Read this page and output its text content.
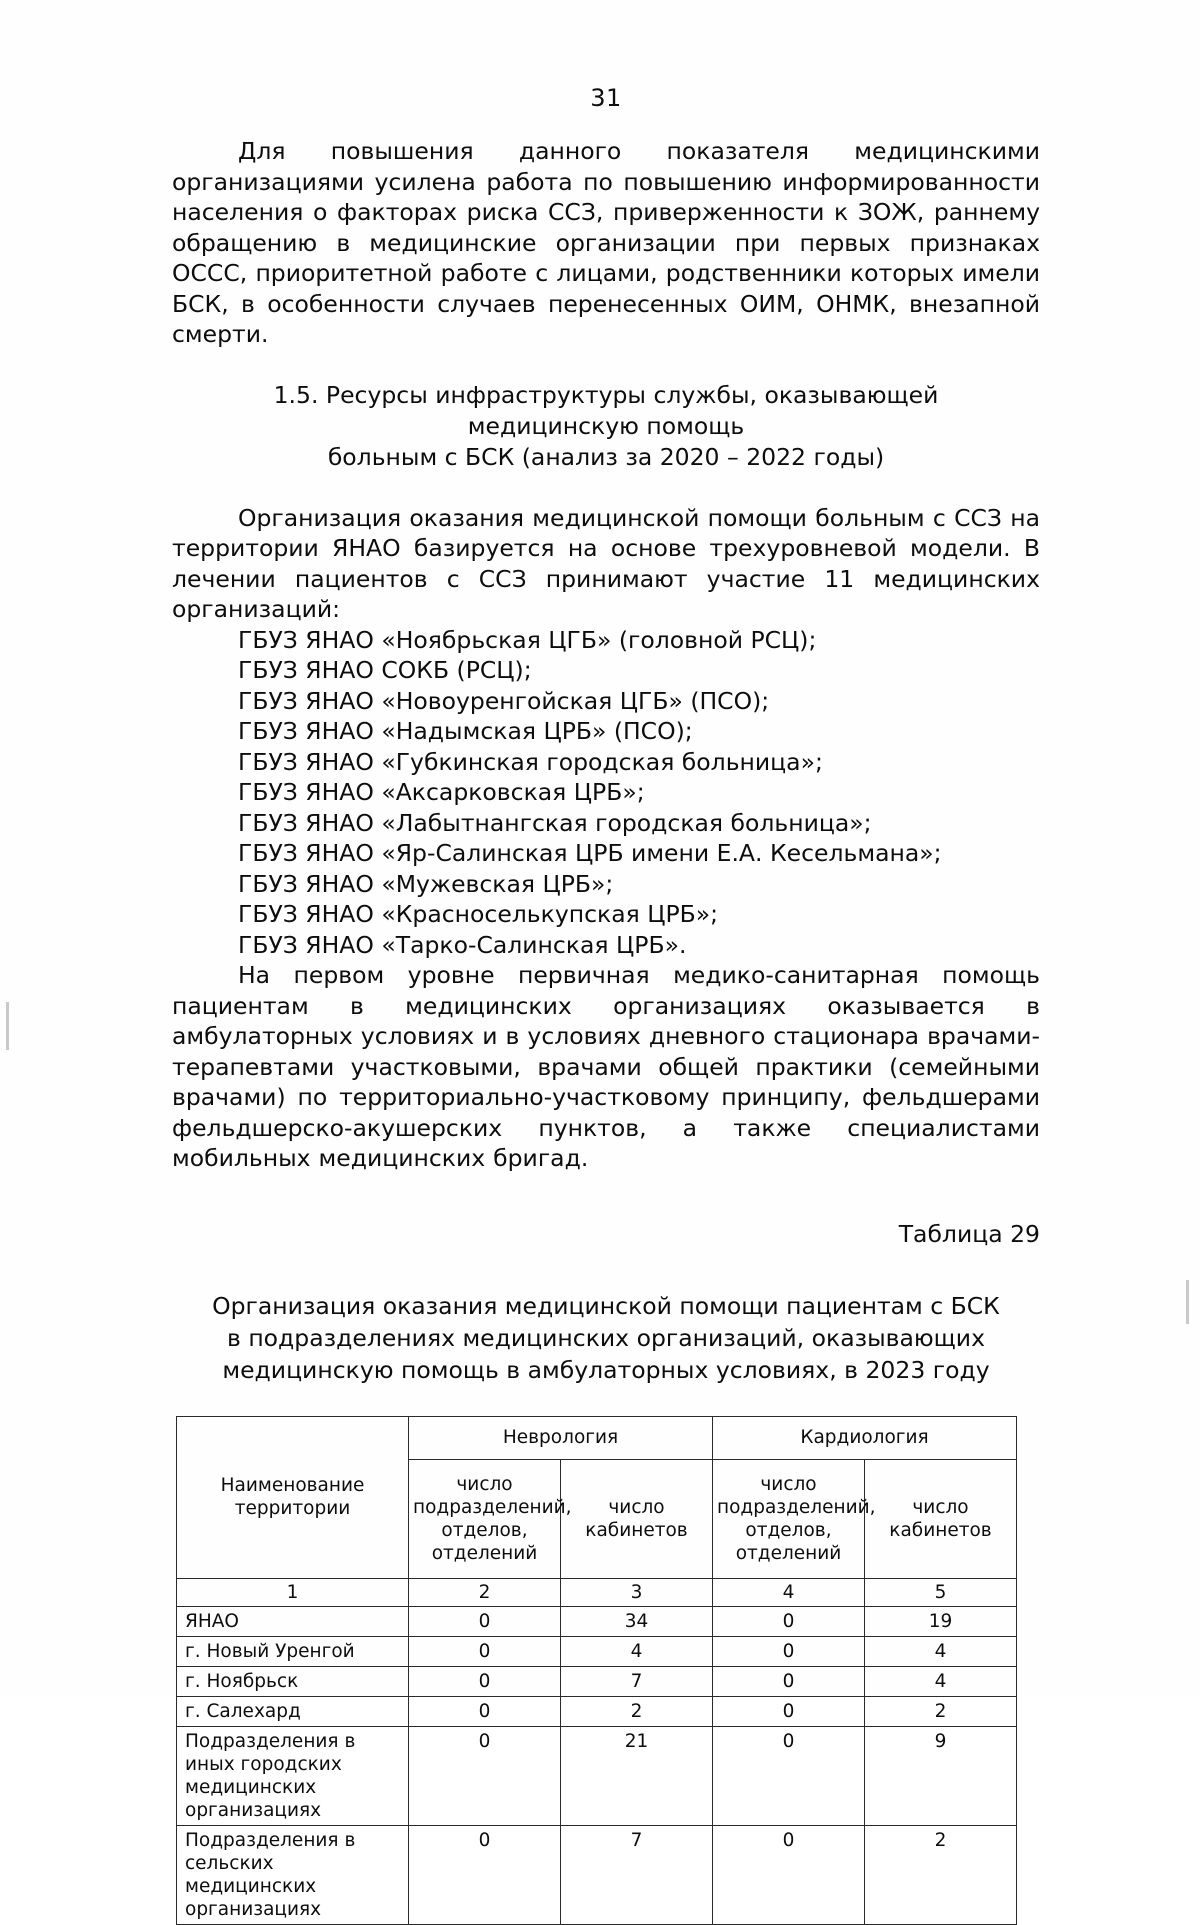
31

Для повышения данного показателя медицинскими организациями усилена работа по повышению информированности населения о факторах риска ССЗ, приверженности к ЗОЖ, раннему обращению в медицинские организации при первых признаках ОССС, приоритетной работе с лицами, родственники которых имели БСК, в особенности случаев перенесенных ОИМ, ОНМК, внезапной смерти.

1.5. Ресурсы инфраструктуры службы, оказывающей медицинскую помощь
больным с БСК (анализ за 2020 – 2022 годы)

Организация оказания медицинской помощи больным с ССЗ на территории ЯНАО базируется на основе трехуровневой модели. В лечении пациентов с ССЗ принимают участие 11 медицинских организаций:

ГБУЗ ЯНАО «Ноябрьская ЦГБ» (головной РСЦ);
ГБУЗ ЯНАО СОКБ (РСЦ);
ГБУЗ ЯНАО «Новоуренгойская ЦГБ» (ПСО);
ГБУЗ ЯНАО «Надымская ЦРБ» (ПСО);
ГБУЗ ЯНАО «Губкинская городская больница»;
ГБУЗ ЯНАО «Аксарковская ЦРБ»;
ГБУЗ ЯНАО «Лабытнангская городская больница»;
ГБУЗ ЯНАО «Яр-Салинская ЦРБ имени Е.А. Кесельмана»;
ГБУЗ ЯНАО «Мужевская ЦРБ»;
ГБУЗ ЯНАО «Красноселькупская ЦРБ»;
ГБУЗ ЯНАО «Тарко-Салинская ЦРБ».

На первом уровне первичная медико-санитарная помощь пациентам в медицинских организациях оказывается в амбулаторных условиях и в условиях дневного стационара врачами-терапевтами участковыми, врачами общей практики (семейными врачами) по территориально-участковому принципу, фельдшерами фельдшерско-акушерских пунктов, а также специалистами мобильных медицинских бригад.

Таблица 29
Организация оказания медицинской помощи пациентам с БСК
в подразделениях медицинских организаций, оказывающих
медицинскую помощь в амбулаторных условиях, в 2023 году
Наименование
территории	Неврология		Кардиология	
	число подразделений, отделов, отделений	число кабинетов	число подразделений, отделов, отделений	число кабинетов
1	2	3	4	5
ЯНАО	0	34	0	19
г. Новый Уренгой	0	4	0	4
г. Ноябрьск	0	7	0	4
г. Салехард	0	2	0	2
Подразделения в иных городских медицинских организациях	0	21	0	9
Подразделения в сельских медицинских организациях	0	7	0	2
